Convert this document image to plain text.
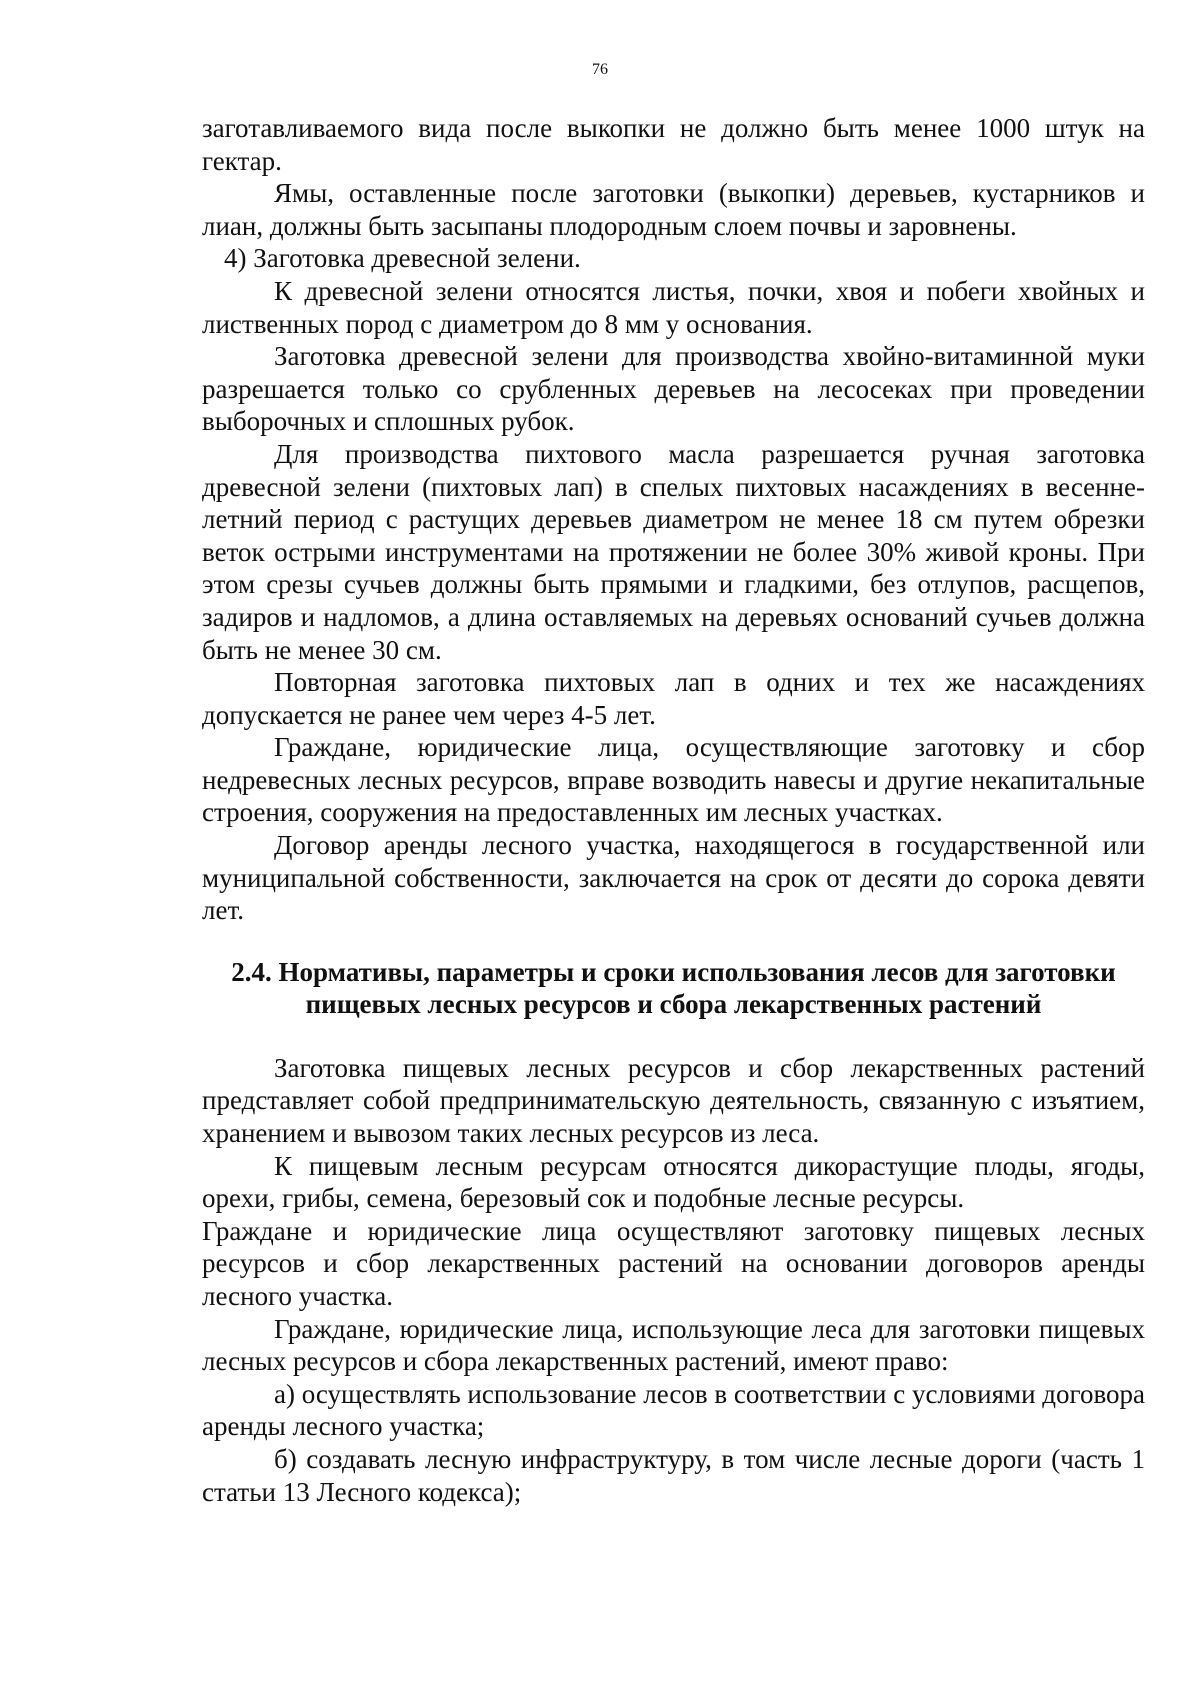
76

заготавливаемого вида после выкопки не должно быть менее 1000 штук на гектар.

Ямы, оставленные после заготовки (выкопки) деревьев, кустарников и лиан, должны быть засыпаны плодородным слоем почвы и заровнены.

4) Заготовка древесной зелени.

К древесной зелени относятся листья, почки, хвоя и побеги хвойных и лиственных пород с диаметром до 8 мм у основания.

Заготовка древесной зелени для производства хвойно-витаминной муки разрешается только со срубленных деревьев на лесосеках при проведении выборочных и сплошных рубок.

Для производства пихтового масла разрешается ручная заготовка древесной зелени (пихтовых лап) в спелых пихтовых насаждениях в весенне-летний период с растущих деревьев диаметром не менее 18 см путем обрезки веток острыми инструментами на протяжении не более 30% живой кроны. При этом срезы сучьев должны быть прямыми и гладкими, без отлупов, расщепов, задиров и надломов, а длина оставляемых на деревьях оснований сучьев должна быть не менее 30 см.

Повторная заготовка пихтовых лап в одних и тех же насаждениях допускается не ранее чем через 4-5 лет.

Граждане, юридические лица, осуществляющие заготовку и сбор недревесных лесных ресурсов, вправе возводить навесы и другие некапитальные строения, сооружения на предоставленных им лесных участках.

Договор аренды лесного участка, находящегося в государственной или муниципальной собственности, заключается на срок от десяти до сорока девяти лет.

2.4. Нормативы, параметры и сроки использования лесов для заготовки
пищевых лесных ресурсов и сбора лекарственных растений

Заготовка пищевых лесных ресурсов и сбор лекарственных растений представляет собой предпринимательскую деятельность, связанную с изъятием, хранением и вывозом таких лесных ресурсов из леса.

К пищевым лесным ресурсам относятся дикорастущие плоды, ягоды, орехи, грибы, семена, березовый сок и подобные лесные ресурсы.

Граждане и юридические лица осуществляют заготовку пищевых лесных ресурсов и сбор лекарственных растений на основании договоров аренды лесного участка.

Граждане, юридические лица, использующие леса для заготовки пищевых лесных ресурсов и сбора лекарственных растений, имеют право:

а) осуществлять использование лесов в соответствии с условиями договора аренды лесного участка;

б) создавать лесную инфраструктуру, в том числе лесные дороги (часть 1 статьи 13 Лесного кодекса);
